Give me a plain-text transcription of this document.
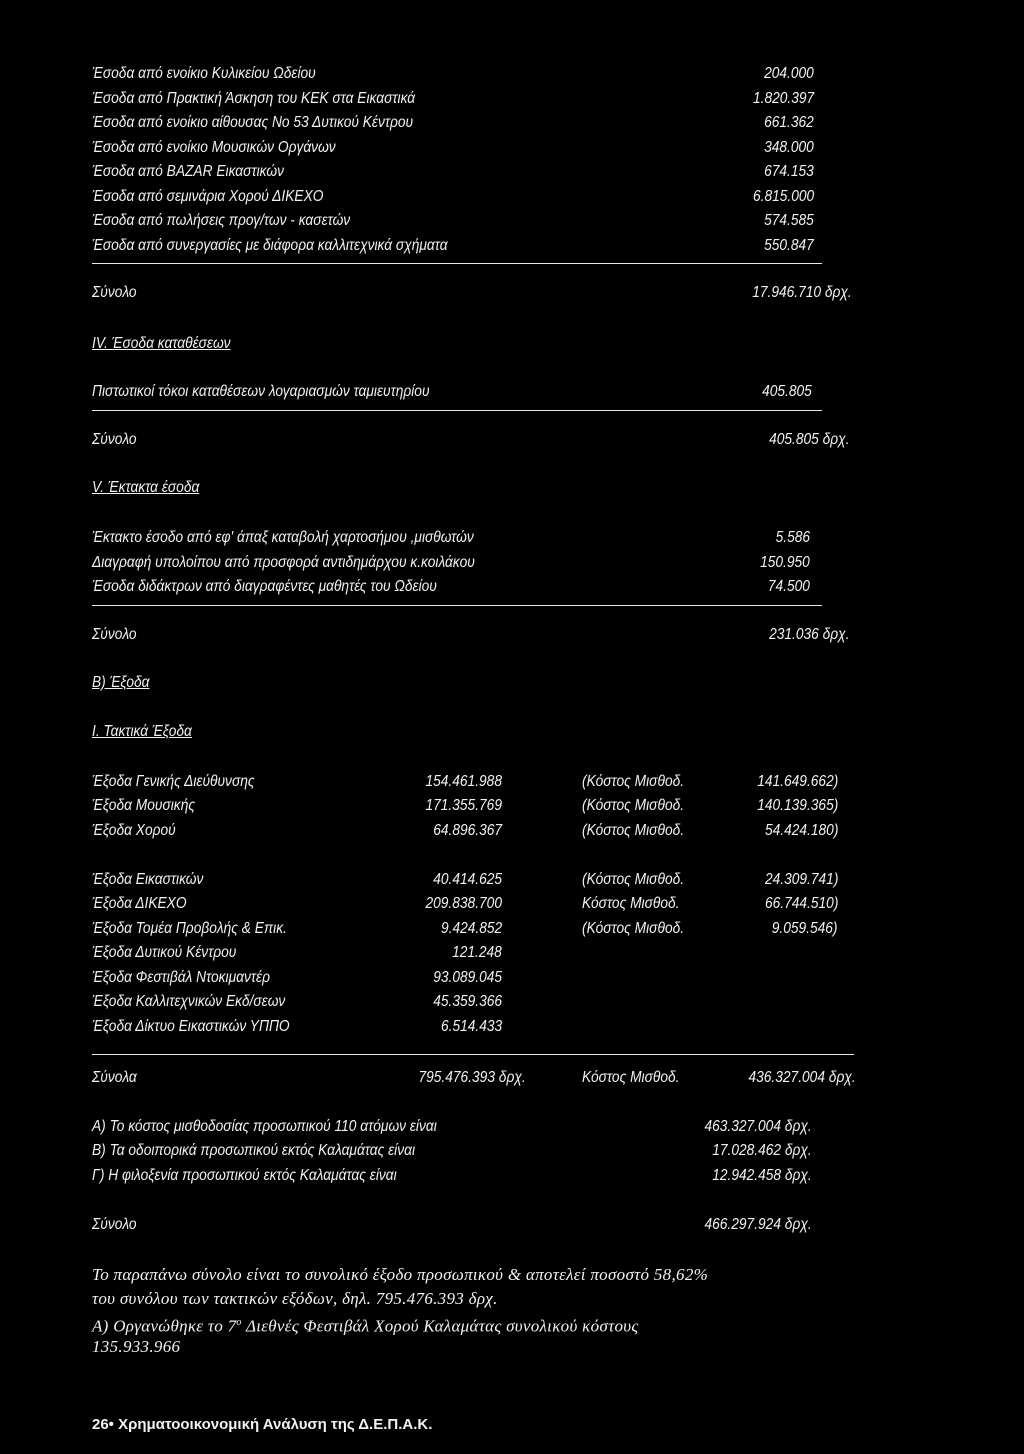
Έσοδα από ενοίκιο Κυλικείου Ωδείου	204.000
Έσοδα από Πρακτική Άσκηση του ΚΕΚ στα Εικαστικά	1.820.397
Έσοδα από ενοίκιο αίθουσας Νο 53 Δυτικού Κέντρου	661.362
Έσοδα από ενοίκιο Μουσικών Οργάνων	348.000
Έσοδα από ΒΑΖΑR Εικαστικών	674.153
Έσοδα από σεμινάρια Χορού ΔΙΚΕΧΟ	6.815.000
Έσοδα από πωλήσεις προγ/των - κασετών	574.585
Έσοδα από συνεργασίες με διάφορα καλλιτεχνικά σχήματα	550.847
Σύνολο	17.946.710 δρχ.
IV. Έσοδα καταθέσεων
Πιστωτικοί τόκοι καταθέσεων λογαριασμών ταμιευτηρίου	405.805
Σύνολο	405.805 δρχ.
V. Έκτακτα έσοδα
Έκτακτο έσοδο από εφ' άπαξ καταβολή χαρτοσήμου ,μισθωτών	5.586
Διαγραφή υπολοίπου από προσφορά αντιδημάρχου κ.κοιλάκου	150.950
Έσοδα διδάκτρων από διαγραφέντες μαθητές του Ωδείου	74.500
Σύνολο	231.036 δρχ.
Β) Έξοδα
Ι. Τακτικά Έξοδα
Έξοδα Γενικής Διεύθυνσης	154.461.988	(Κόστος Μισθοδ.	141.649.662)
Έξοδα Μουσικής	171.355.769	(Κόστος Μισθοδ.	140.139.365)
Έξοδα Χορού	64.896.367	(Κόστος Μισθοδ.	54.424.180)
Έξοδα Εικαστικών	40.414.625	(Κόστος Μισθοδ.	24.309.741)
Έξοδα ΔΙΚΕΧΟ	209.838.700	Κόστος Μισθοδ.	66.744.510)
Έξοδα Τομέα Προβολής & Επικ.	9.424.852	(Κόστος Μισθοδ.	9.059.546)
Έξοδα Δυτικού Κέντρου	121.248
Έξοδα Φεστιβάλ Ντοκιμαντέρ	93.089.045
Έξοδα Καλλιτεχνικών Εκδ/σεων	45.359.366
Έξοδα Δίκτυο Εικαστικών ΥΠΠΟ	6.514.433
Σύνολα	795.476.393 δρχ.	Κόστος Μισθοδ.	436.327.004 δρχ.
Α) Το κόστος μισθοδοσίας προσωπικού 110 ατόμων είναι	463.327.004 δρχ.
Β) Τα οδοιπορικά προσωπικού εκτός Καλαμάτας είναι	17.028.462 δρχ.
Γ) Η φιλοξενία προσωπικού εκτός Καλαμάτας είναι	12.942.458 δρχ.
Σύνολο	466.297.924 δρχ.
Το παραπάνω σύνολο είναι το συνολικό έξοδο προσωπικού & αποτελεί ποσοστό 58,62%
του συνόλου των τακτικών εξόδων, δηλ. 795.476.393 δρχ.
Α) Οργανώθηκε το $7^o$ Διεθνές Φεστιβάλ Χορού Καλαμάτας συνολικού κόστους
135.933.966
26• Χρηματοοικονομική Ανάλυση της Δ.Ε.Π.Α.Κ.
